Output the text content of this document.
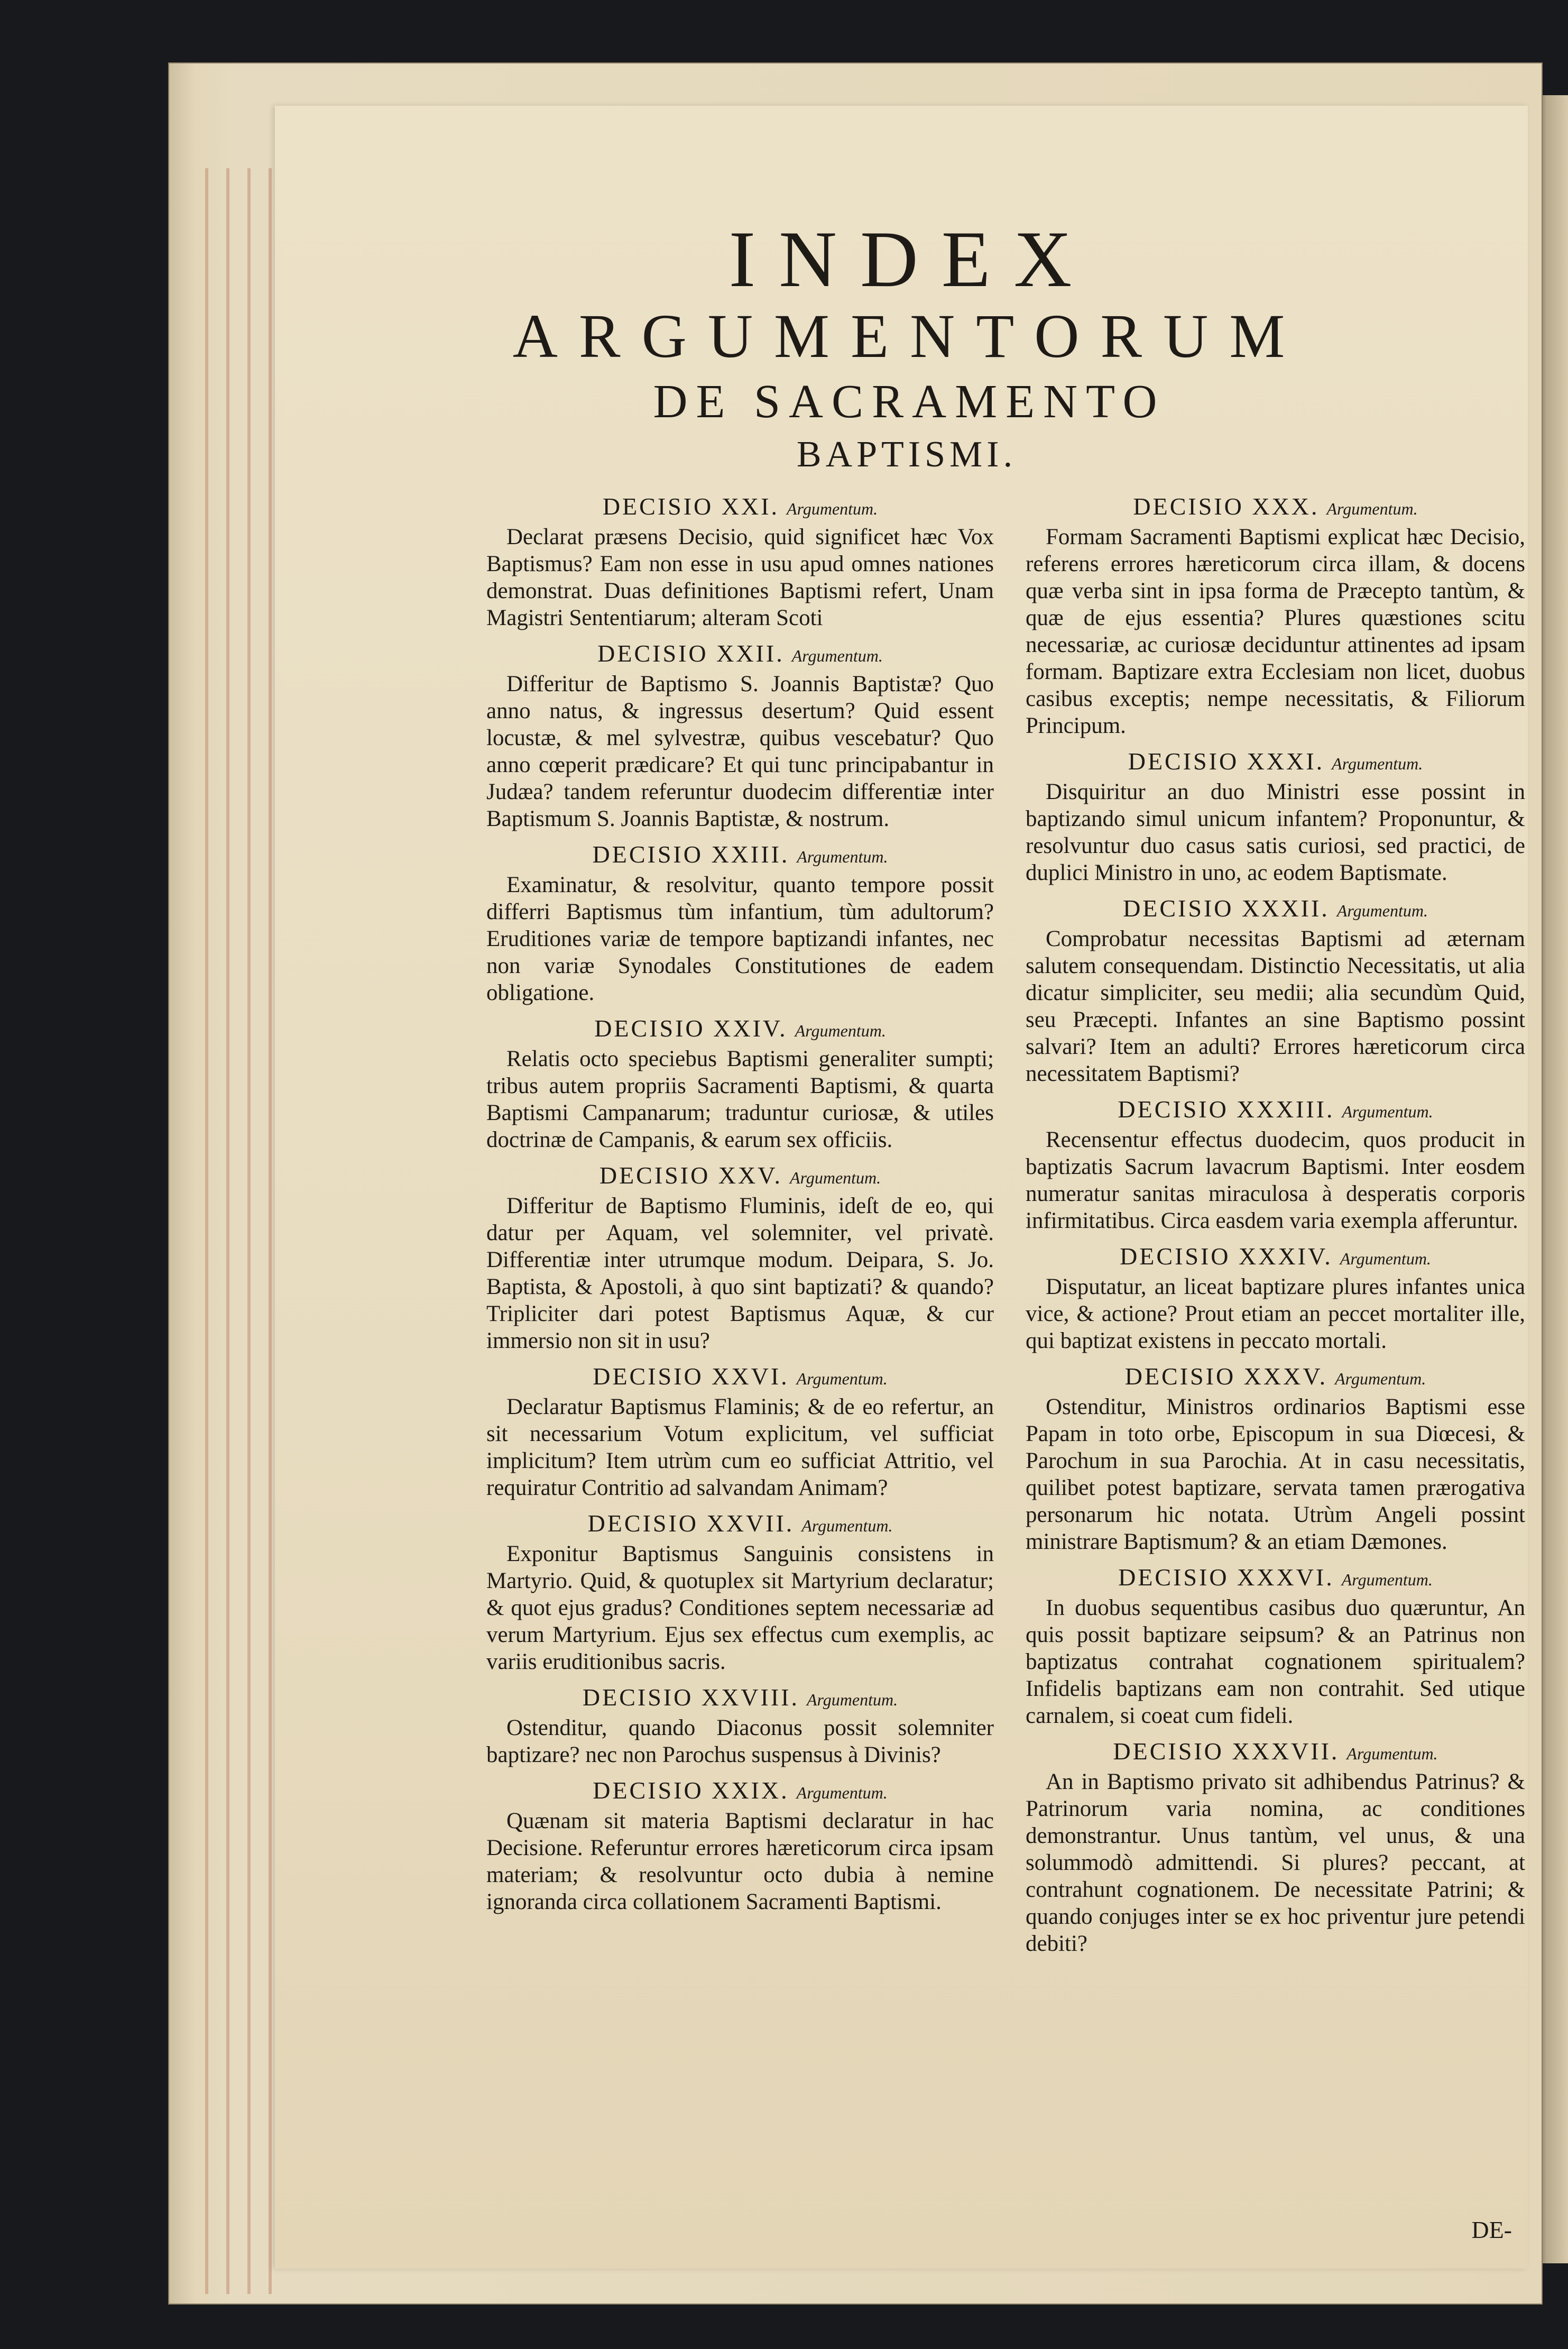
INDEX
ARGUMENTORUM
DE SACRAMENTO
BAPTISMI.

DECISIO XXI. Argumentum.

Declarat præsens Decisio, quid significet hæc Vox Baptismus? Eam non esse in usu apud omnes nationes demonstrat. Duas definitiones Baptismi refert, Unam Magistri Sententiarum; alteram Scoti

DECISIO XXII. Argumentum.

Differitur de Baptismo S. Joannis Baptistæ? Quo anno natus, & ingressus desertum? Quid essent locustæ, & mel sylvestræ, quibus vescebatur? Quo anno cœperit prædicare? Et qui tunc principabantur in Judæa? tandem referuntur duodecim differentiæ inter Baptismum S. Joannis Baptistæ, & nostrum.

DECISIO XXIII. Argumentum.

Examinatur, & resolvitur, quanto tempore possit differri Baptismus tùm infantium, tùm adultorum? Eruditiones variæ de tempore baptizandi infantes, nec non variæ Synodales Constitutiones de eadem obligatione.

DECISIO XXIV. Argumentum.

Relatis octo speciebus Baptismi generaliter sumpti; tribus autem propriis Sacramenti Baptismi, & quarta Baptismi Campanarum; traduntur curiosæ, & utiles doctrinæ de Campanis, & earum sex officiis.

DECISIO XXV. Argumentum.

Differitur de Baptismo Fluminis, ideſt de eo, qui datur per Aquam, vel solemniter, vel privatè. Differentiæ inter utrumque modum. Deipara, S. Jo. Baptista, & Apostoli, à quo sint baptizati? & quando? Tripliciter dari potest Baptismus Aquæ, & cur immersio non sit in usu?

DECISIO XXVI. Argumentum.

Declaratur Baptismus Flaminis; & de eo refertur, an sit necessarium Votum explicitum, vel sufficiat implicitum? Item utrùm cum eo sufficiat Attritio, vel requiratur Contritio ad salvandam Animam?

DECISIO XXVII. Argumentum.

Exponitur Baptismus Sanguinis consistens in Martyrio. Quid, & quotuplex sit Martyrium declaratur; & quot ejus gradus? Conditiones septem necessariæ ad verum Martyrium. Ejus sex effectus cum exemplis, ac variis eruditionibus sacris.

DECISIO XXVIII. Argumentum.

Ostenditur, quando Diaconus possit solemniter baptizare? nec non Parochus suspensus à Divinis?

DECISIO XXIX. Argumentum.

Quænam sit materia Baptismi declaratur in hac Decisione. Referuntur errores hæreticorum circa ipsam materiam; & resolvuntur octo dubia à nemine ignoranda circa collationem Sacramenti Baptismi.

DECISIO XXX. Argumentum.

Formam Sacramenti Baptismi explicat hæc Decisio, referens errores hæreticorum circa illam, & docens quæ verba sint in ipsa forma de Præcepto tantùm, & quæ de ejus essentia? Plures quæstiones scitu necessariæ, ac curiosæ deciduntur attinentes ad ipsam formam. Baptizare extra Ecclesiam non licet, duobus casibus exceptis; nempe necessitatis, & Filiorum Principum.

DECISIO XXXI. Argumentum.

Disquiritur an duo Ministri esse possint in baptizando simul unicum infantem? Proponuntur, & resolvuntur duo casus satis curiosi, sed practici, de duplici Ministro in uno, ac eodem Baptismate.

DECISIO XXXII. Argumentum.

Comprobatur necessitas Baptismi ad æternam salutem consequendam. Distinctio Necessitatis, ut alia dicatur simpliciter, seu medii; alia secundùm Quid, seu Præcepti. Infantes an sine Baptismo possint salvari? Item an adulti? Errores hæreticorum circa necessitatem Baptismi?

DECISIO XXXIII. Argumentum.

Recensentur effectus duodecim, quos producit in baptizatis Sacrum lavacrum Baptismi. Inter eosdem numeratur sanitas miraculosa à desperatis corporis infirmitatibus. Circa easdem varia exempla afferuntur.

DECISIO XXXIV. Argumentum.

Disputatur, an liceat baptizare plures infantes unica vice, & actione? Prout etiam an peccet mortaliter ille, qui baptizat existens in peccato mortali.

DECISIO XXXV. Argumentum.

Ostenditur, Ministros ordinarios Baptismi esse Papam in toto orbe, Episcopum in sua Diœcesi, & Parochum in sua Parochia. At in casu necessitatis, quilibet potest baptizare, servata tamen prærogativa personarum hic notata. Utrùm Angeli possint ministrare Baptismum? & an etiam Dæmones.

DECISIO XXXVI. Argumentum.

In duobus sequentibus casibus duo quæruntur, An quis possit baptizare seipsum? & an Patrinus non baptizatus contrahat cognationem spiritualem? Infidelis baptizans eam non contrahit. Sed utique carnalem, si coeat cum fideli.

DECISIO XXXVII. Argumentum.

An in Baptismo privato sit adhibendus Patrinus? & Patrinorum varia nomina, ac conditiones demonstrantur. Unus tantùm, vel unus, & una solummodò admittendi. Si plures? peccant, at contrahunt cognationem. De necessitate Patrini; & quando conjuges inter se ex hoc priventur jure petendi debiti?

DE-
